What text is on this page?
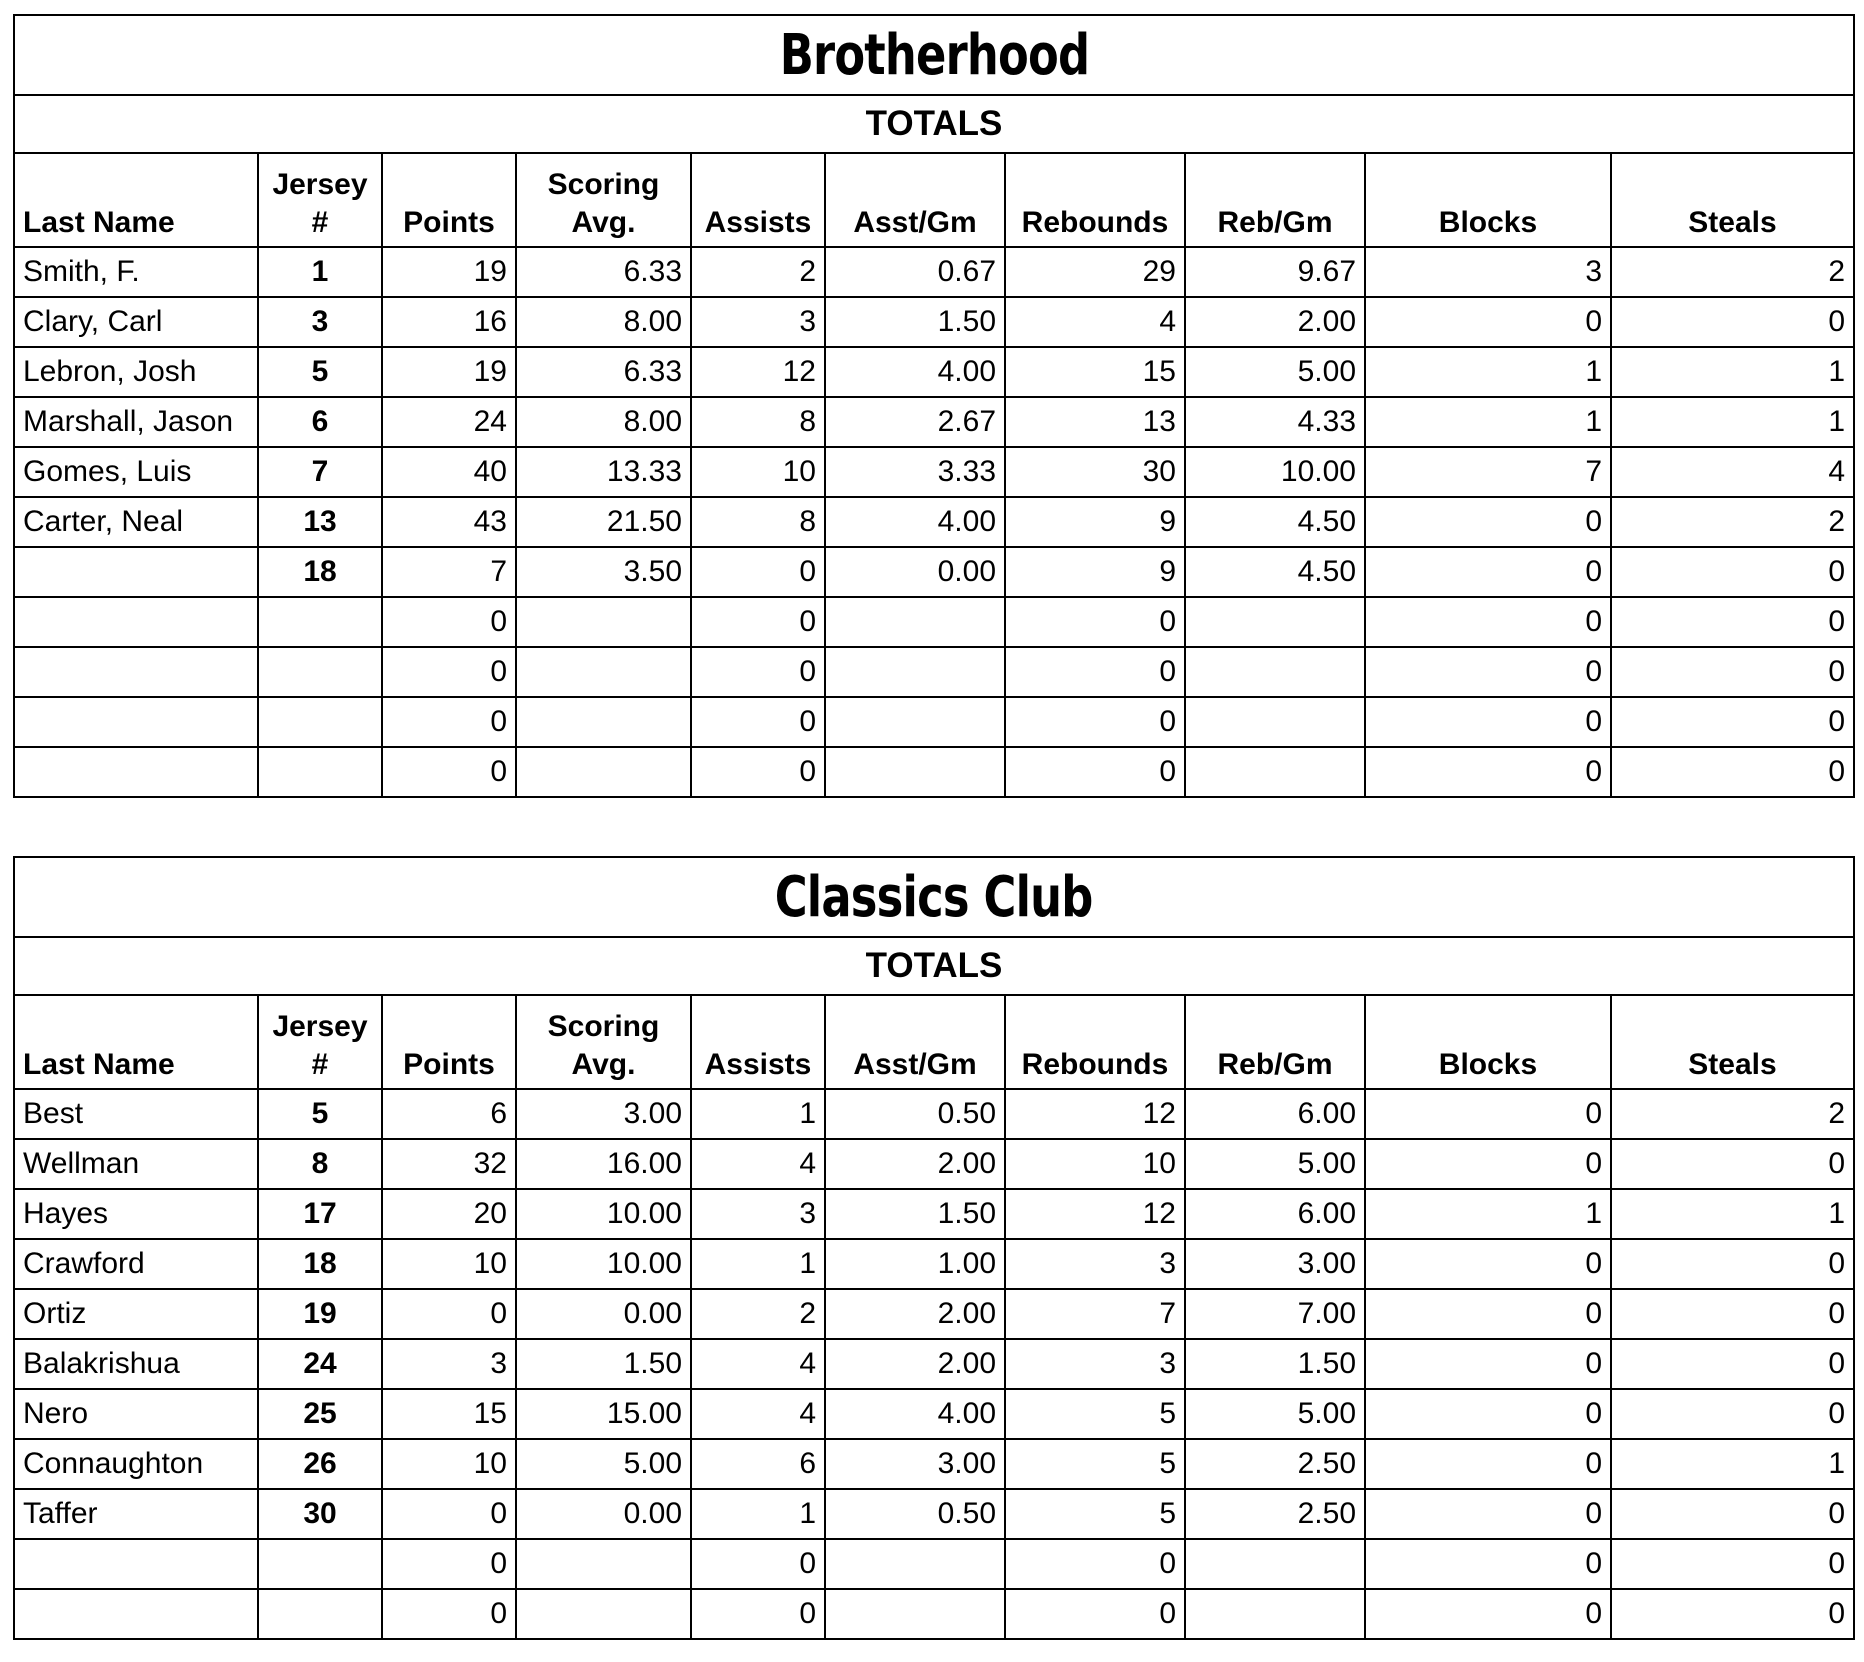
Brotherhood									
TOTALS									
Last Name	Jersey #	Points	Scoring Avg.	Assists	Asst/Gm	Rebounds	Reb/Gm	Blocks	Steals
Smith, F.	1	19	6.33	2	0.67	29	9.67	3	2
Clary, Carl	3	16	8.00	3	1.50	4	2.00	0	0
Lebron, Josh	5	19	6.33	12	4.00	15	5.00	1	1
Marshall, Jason	6	24	8.00	8	2.67	13	4.33	1	1
Gomes, Luis	7	40	13.33	10	3.33	30	10.00	7	4
Carter, Neal	13	43	21.50	8	4.00	9	4.50	0	2
	18	7	3.50	0	0.00	9	4.50	0	0
		0		0		0		0	0
		0		0		0		0	0
		0		0		0		0	0
		0		0		0		0	0
Classics Club									
TOTALS									
Last Name	Jersey #	Points	Scoring Avg.	Assists	Asst/Gm	Rebounds	Reb/Gm	Blocks	Steals
Best	5	6	3.00	1	0.50	12	6.00	0	2
Wellman	8	32	16.00	4	2.00	10	5.00	0	0
Hayes	17	20	10.00	3	1.50	12	6.00	1	1
Crawford	18	10	10.00	1	1.00	3	3.00	0	0
Ortiz	19	0	0.00	2	2.00	7	7.00	0	0
Balakrishua	24	3	1.50	4	2.00	3	1.50	0	0
Nero	25	15	15.00	4	4.00	5	5.00	0	0
Connaughton	26	10	5.00	6	3.00	5	2.50	0	1
Taffer	30	0	0.00	1	0.50	5	2.50	0	0
		0		0		0		0	0
		0		0		0		0	0
